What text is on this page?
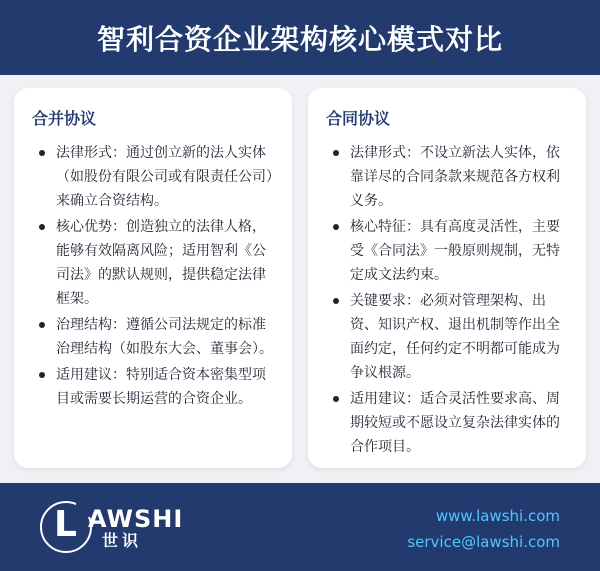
智利合资企业架构核心模式对比
合并协议
法律形式：通过创立新的法人实体（如股份有限公司或有限责任公司）来确立合资结构。
核心优势：创造独立的法律人格，能够有效隔离风险；适用智利《公司法》的默认规则，提供稳定法律框架。
治理结构：遵循公司法规定的标准治理结构（如股东大会、董事会）。
适用建议：特别适合资本密集型项目或需要长期运营的合资企业。
合同协议
法律形式：不设立新法人实体，依靠详尽的合同条款来规范各方权利义务。
核心特征：具有高度灵活性，主要受《合同法》一般原则规制，无特定成文法约束。
关键要求：必须对管理架构、出资、知识产权、退出机制等作出全面约定，任何约定不明都可能成为争议根源。
适用建议：适合灵活性要求高、周期较短或不愿设立复杂法律实体的合作项目。
L AWSHI
世识
www.lawshi.com
service@lawshi.com
